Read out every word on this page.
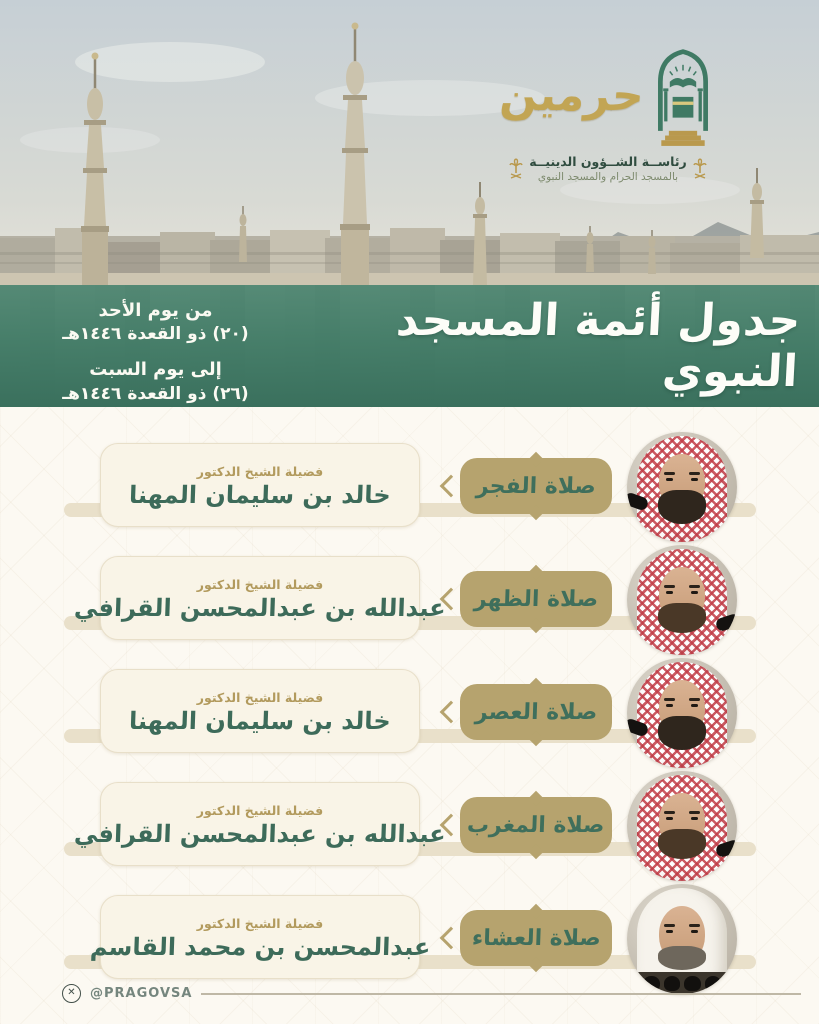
حرمين
رئاســة الشــؤون الدينيــة
بالمسجد الحرام والمسجد النبوي
جدول أئمة المسجد النبوي
من يوم الأحد
(٢٠) ذو القعدة ١٤٤٦هـ
إلى يوم السبت
(٢٦) ذو القعدة ١٤٤٦هـ
فضيلة الشيخ الدكتور
خالد بن سليمان المهنا	صلاة الفجر
فضيلة الشيخ الدكتور
عبدالله بن عبدالمحسن القرافي صلاة الظهر
فضيلة الشيخ الدكتور
خالد بن سليمان المهنا	صلاة العصر
فضيلة الشيخ الدكتور
عبدالله بن عبدالمحسن القرافي صلاة المغرب
فضيلة الشيخ الدكتور
عبدالمحسن بن محمد القاسم صلاة العشاء
✕	@PRAGOVSA
